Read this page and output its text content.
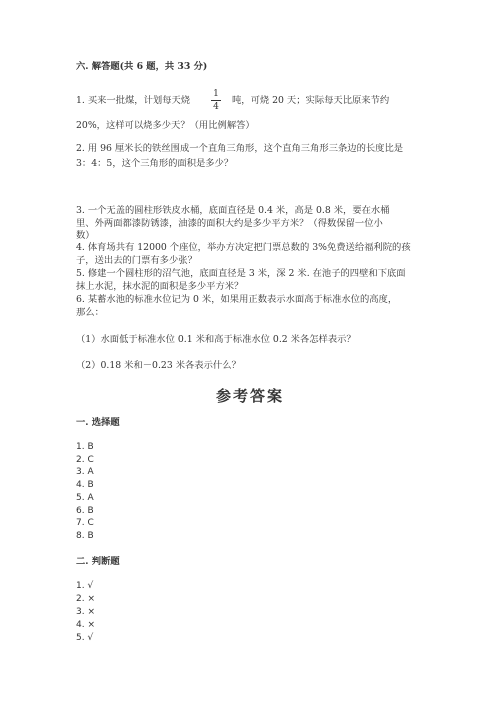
六. 解答题(共 6 题，共 33 分)
1. 买来一批煤，计划每天烧
1
4
吨，可烧 20 天；实际每天比原来节约
20%，这样可以烧多少天？（用比例解答）
2. 用 96 厘米长的铁丝围成一个直角三角形，这个直角三角形三条边的长度比是
3：4：5，这个三角形的面积是多少？
3. 一个无盖的圆柱形铁皮水桶，底面直径是 0.4 米，高是 0.8 米，要在水桶
里、外两面都漆防锈漆，油漆的面积大约是多少平方米？（得数保留一位小
数）
4. 体育场共有 12000 个座位，举办方决定把门票总数的 3%免费送给福利院的孩
子，送出去的门票有多少张？
5. 修建一个圆柱形的沼气池，底面直径是 3 米，深 2 米. 在池子的四壁和下底面
抹上水泥，抹水泥的面积是多少平方米？
6. 某蓄水池的标准水位记为 0 米，如果用正数表示水面高于标准水位的高度，
那么：
（1）水面低于标准水位 0.1 米和高于标准水位 0.2 米各怎样表示？
（2）0.18 米和－0.23 米各表示什么？
参考答案
一. 选择题
1. B
2. C
3. A
4. B
5. A
6. B
7. C
8. B
二. 判断题
1. √
2. ×
3. ×
4. ×
5. √
